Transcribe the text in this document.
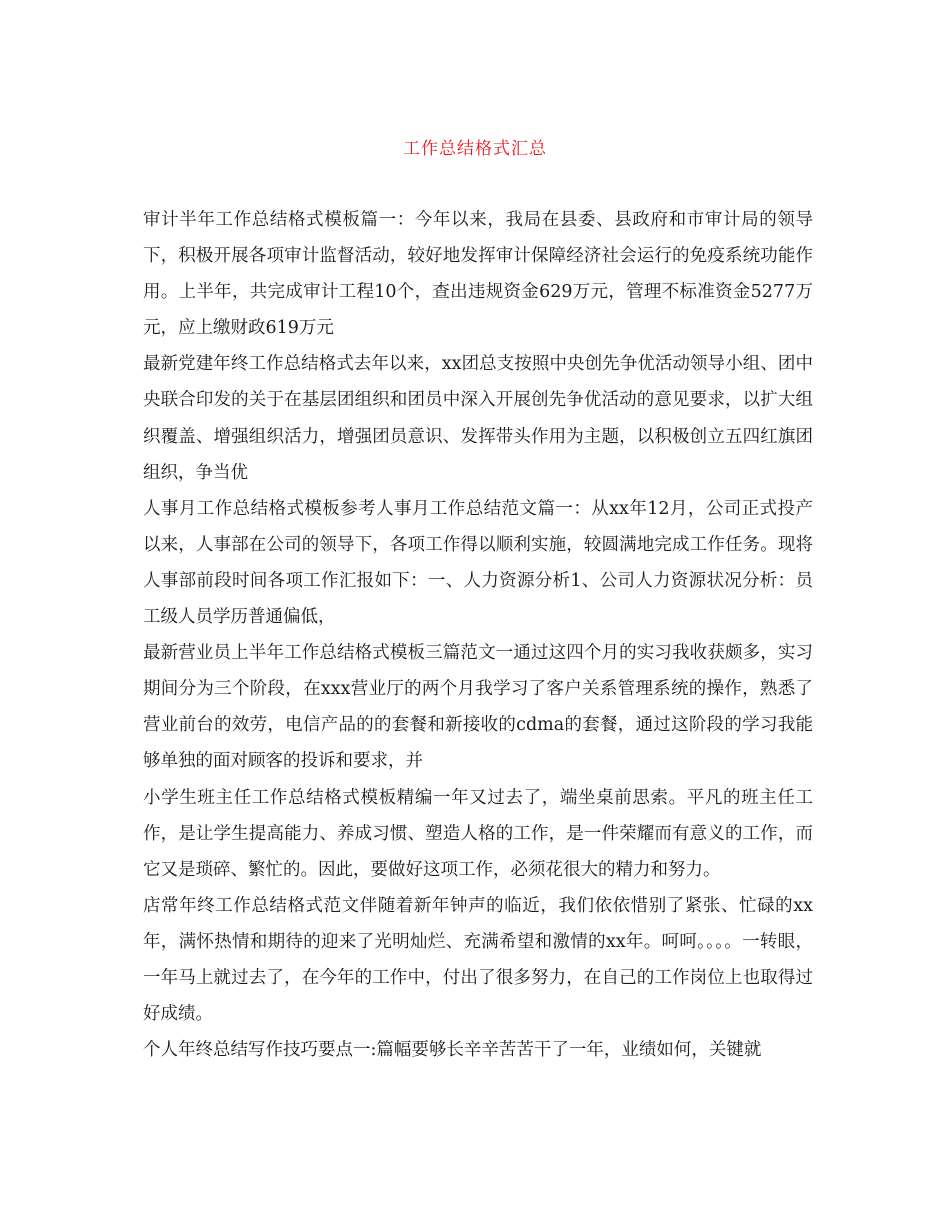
工作总结格式汇总

审计半年工作总结格式模板篇一：今年以来，我局在县委、县政府和市审计局的领导下，积极开展各项审计监督活动，较好地发挥审计保障经济社会运行的免疫系统功能作用。上半年，共完成审计工程10个，查出违规资金629万元，管理不标准资金5277万元，应上缴财政619万元

最新党建年终工作总结格式去年以来，xx团总支按照中央创先争优活动领导小组、团中央联合印发的关于在基层团组织和团员中深入开展创先争优活动的意见要求，以扩大组织覆盖、增强组织活力，增强团员意识、发挥带头作用为主题，以积极创立五四红旗团组织，争当优

人事月工作总结格式模板参考人事月工作总结范文篇一：从xx年12月，公司正式投产以来，人事部在公司的领导下，各项工作得以顺利实施，较圆满地完成工作任务。现将人事部前段时间各项工作汇报如下：一、人力资源分析1、公司人力资源状况分析：员工级人员学历普通偏低，

最新营业员上半年工作总结格式模板三篇范文一通过这四个月的实习我收获颇多，实习期间分为三个阶段，在xxx营业厅的两个月我学习了客户关系管理系统的操作，熟悉了营业前台的效劳，电信产品的的套餐和新接收的cdma的套餐，通过这阶段的学习我能够单独的面对顾客的投诉和要求，并

小学生班主任工作总结格式模板精编一年又过去了，端坐桌前思索。平凡的班主任工作，是让学生提高能力、养成习惯、塑造人格的工作，是一件荣耀而有意义的工作，而它又是琐碎、繁忙的。因此，要做好这项工作，必须花很大的精力和努力。

店常年终工作总结格式范文伴随着新年钟声的临近，我们依依惜别了紧张、忙碌的xx年，满怀热情和期待的迎来了光明灿烂、充满希望和激情的xx年。呵呵。。。。一转眼，一年马上就过去了，在今年的工作中，付出了很多努力，在自己的工作岗位上也取得过好成绩。

个人年终总结写作技巧要点一:篇幅要够长辛辛苦苦干了一年，业绩如何，关键就
